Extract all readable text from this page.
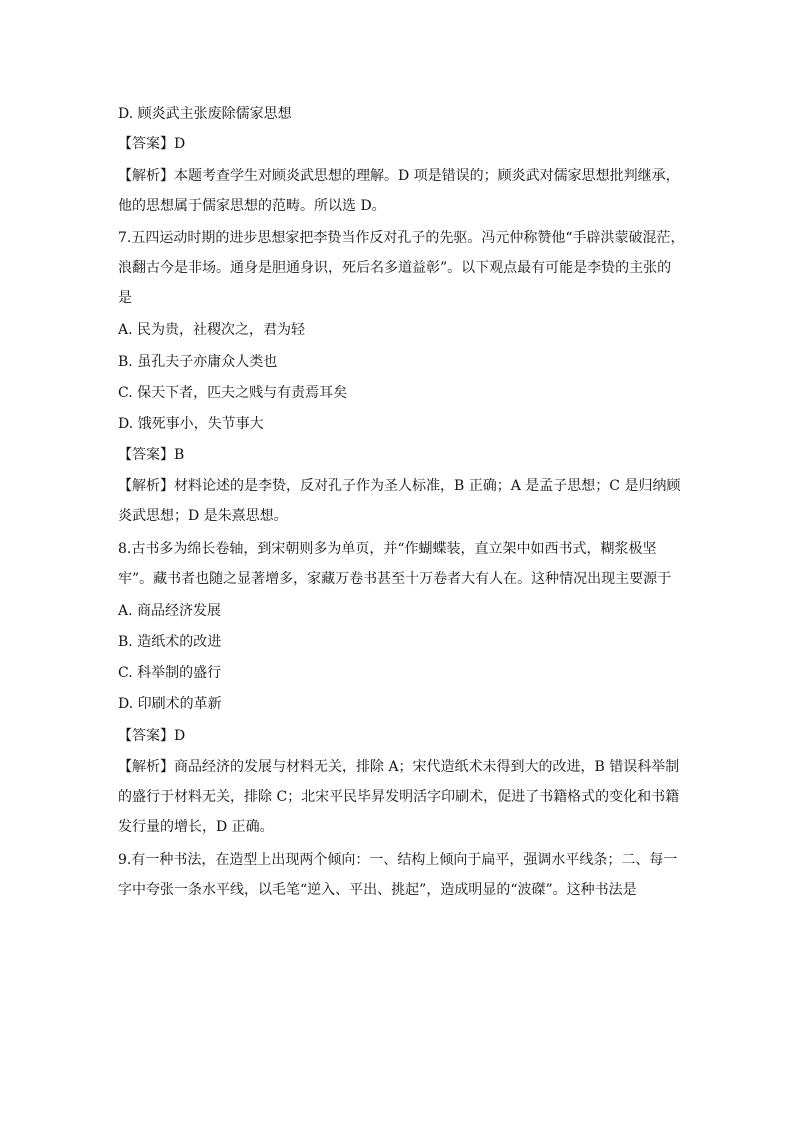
D. 顾炎武主张废除儒家思想
【答案】D
【解析】本题考查学生对顾炎武思想的理解。D 项是错误的；顾炎武对儒家思想批判继承，
他的思想属于儒家思想的范畴。所以选 D。
7.五四运动时期的进步思想家把李贽当作反对孔子的先驱。冯元仲称赞他“手辟洪蒙破混茫，
浪翻古今是非场。通身是胆通身识，死后名多道益彰”。以下观点最有可能是李贽的主张的
是
A. 民为贵，社稷次之，君为轻
B. 虽孔夫子亦庸众人类也
C. 保天下者，匹夫之贱与有责焉耳矣
D. 饿死事小，失节事大
【答案】B
【解析】材料论述的是李贽，反对孔子作为圣人标准，B 正确；A 是孟子思想；C 是归纳顾
炎武思想；D 是朱熹思想。
8.古书多为绵长卷轴，到宋朝则多为单页，并“作蝴蝶装，直立架中如西书式，糊浆极坚
牢”。藏书者也随之显著增多，家藏万卷书甚至十万卷者大有人在。这种情况出现主要源于
A. 商品经济发展
B. 造纸术的改进
C. 科举制的盛行
D. 印刷术的革新
【答案】D
【解析】商品经济的发展与材料无关，排除 A；宋代造纸术未得到大的改进，B 错误科举制
的盛行于材料无关，排除 C；北宋平民毕昇发明活字印刷术，促进了书籍格式的变化和书籍
发行量的增长，D 正确。
9.有一种书法，在造型上出现两个倾向：一、结构上倾向于扁平，强调水平线条；二、每一
字中夸张一条水平线，以毛笔“逆入、平出、挑起”，造成明显的“波磔”。这种书法是
